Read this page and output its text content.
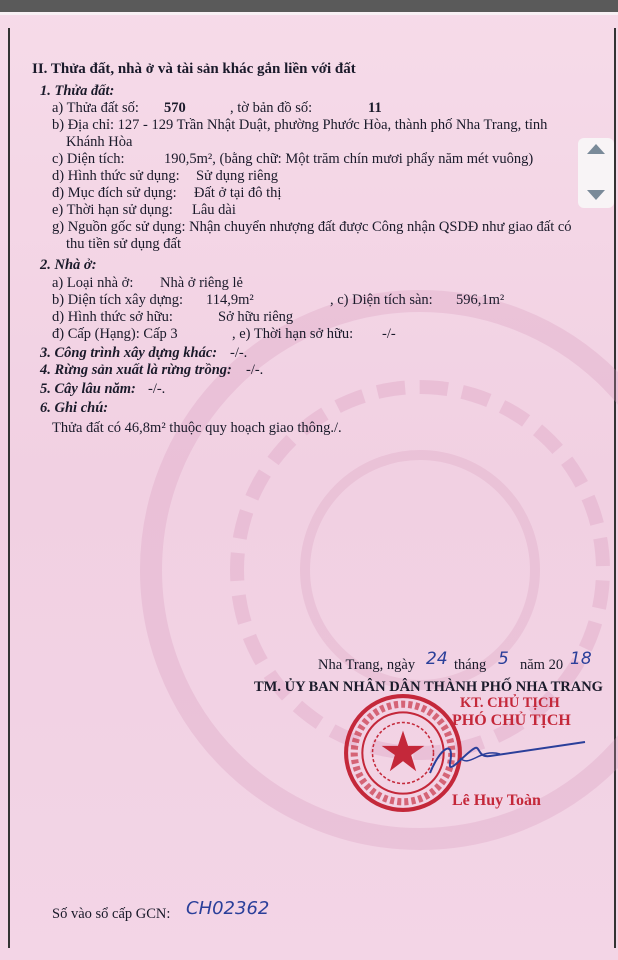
II. Thửa đất, nhà ở và tài sản khác gắn liền với đất
1. Thửa đất:
a) Thửa đất số: 570	, tờ bản đồ số:	11
b) Địa chỉ: 127 - 129 Trần Nhật Duật, phường Phước Hòa, thành phố Nha Trang, tỉnh
Khánh Hòa
c) Diện tích:	190,5m², (bằng chữ: Một trăm chín mươi phẩy năm mét vuông)
d) Hình thức sử dụng: Sử dụng riêng
đ) Mục đích sử dụng: Đất ở tại đô thị
e) Thời hạn sử dụng: Lâu dài
g) Nguồn gốc sử dụng: Nhận chuyển nhượng đất được Công nhận QSDĐ như giao đất có
thu tiền sử dụng đất
2. Nhà ở:
a) Loại nhà ở: Nhà ở riêng lẻ
b) Diện tích xây dựng: 114,9m²	, c) Diện tích sàn: 596,1m²
d) Hình thức sở hữu:	Sở hữu riêng
đ) Cấp (Hạng): Cấp 3	, e) Thời hạn sở hữu: -/-
3. Công trình xây dựng khác: -/-.
4. Rừng sản xuất là rừng trồng: -/-.
5. Cây lâu năm: -/-.
6. Ghi chú:
Thửa đất có 46,8m² thuộc quy hoạch giao thông./.
Nha Trang, ngày 24 tháng 5 năm 20 18
TM. ỦY BAN NHÂN DÂN THÀNH PHỐ NHA TRANG
KT. CHỦ TỊCH
PHÓ CHỦ TỊCH
Lê Huy Toàn
Số vào sổ cấp GCN: CH02362
